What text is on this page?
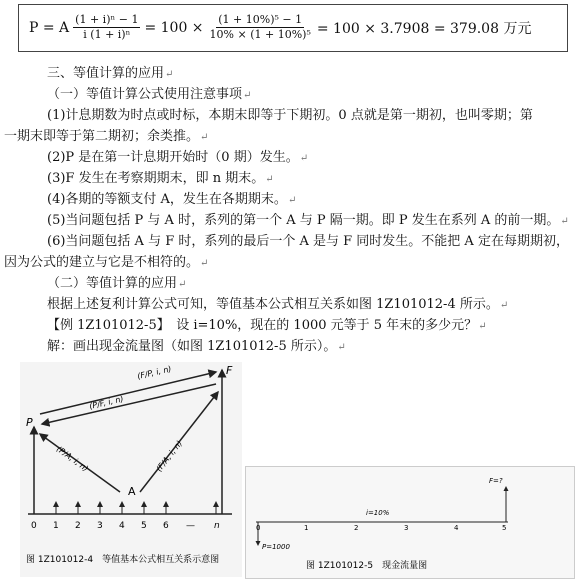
P = A $\frac{\text{(1 + i)ⁿ − 1}}{\text{i (1 + i)ⁿ}} = 100 \times \frac{\text{(1 + 10\%)⁵ − 1}}{\text{10\% × (1 + 10\%)⁵}} = 100 \times 3.7908 = 379.08$ 万元
三、等值计算的应用↵
（一）等值计算公式使用注意事项↵
(1)计息期数为时点或时标，本期末即等于下期初。0 点就是第一期初，也叫零期；第
一期末即等于第二期初；余类推。↵
(2)P 是在第一计息期开始时（0 期）发生。↵
(3)F 发生在考察期期末，即 n 期末。↵
(4)各期的等额支付 A，发生在各期期末。↵
(5)当问题包括 P 与 A 时，系列的第一个 A 与 P 隔一期。即 P 发生在系列 A 的前一期。↵
(6)当问题包括 A 与 F 时，系列的最后一个 A 是与 F 同时发生。不能把 A 定在每期期初，
因为公式的建立与它是不相符的。↵
（二）等值计算的应用↵
根据上述复利计算公式可知，等值基本公式相互关系如图 1Z101012-4 所示。↵
【例 1Z101012-5】　设 i=10%，现在的 1000 元等于 5 年末的多少元？↵
解：画出现金流量图（如图 1Z101012-5 所示）。↵
F
P
A
(F/P, i, n)
(P/F, i, n)
(P/A, i, n)	(F/A, i, n)
0 1 2 3 4 5 6 — n
图 1Z101012-4　等值基本公式相互关系示意图
F=?
i=10%
0	1	2	3	4	5
P=1000
图 1Z101012-5　现金流量图
